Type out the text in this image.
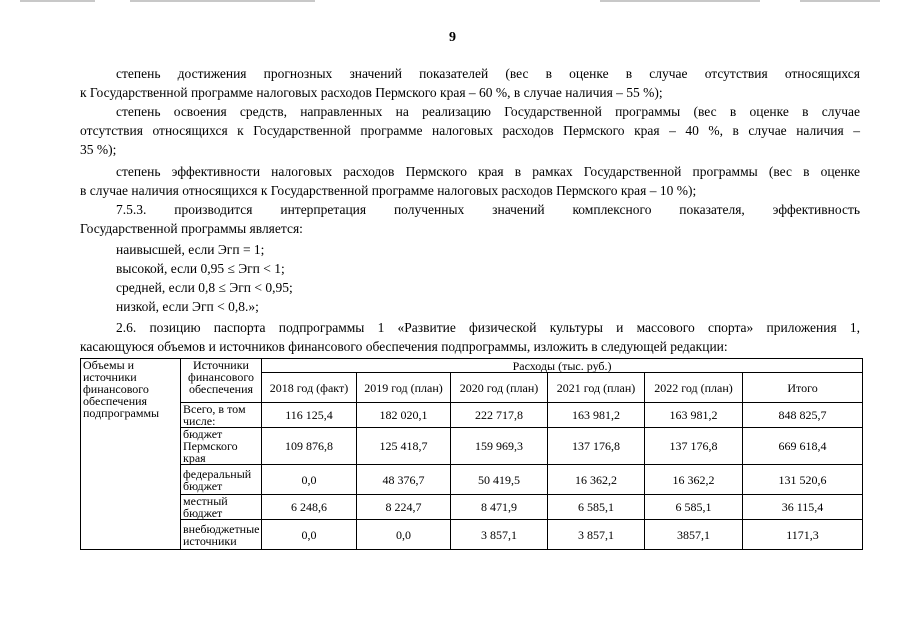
9
степень достижения прогнозных значений показателей (вес в оценке в случае отсутствия относящихся
к Государственной программе налоговых расходов Пермского края – 60 %, в случае наличия – 55 %);
степень освоения средств, направленных на реализацию Государственной программы (вес в оценке в случае
отсутствия относящихся к Государственной программе налоговых расходов Пермского края – 40 %, в случае наличия –
35 %);
степень эффективности налоговых расходов Пермского края в рамках Государственной программы (вес в оценке
в случае наличия относящихся к Государственной программе налоговых расходов Пермского края – 10 %);
7.5.3. производится интерпретация полученных значений комплексного показателя, эффективность
Государственной программы является:
наивысшей, если Эгп = 1;
высокой, если 0,95 ≤ Эгп < 1;
средней, если 0,8 ≤ Эгп < 0,95;
низкой, если Эгп < 0,8.»;
2.6. позицию паспорта подпрограммы 1 «Развитие физической культуры и массового спорта» приложения 1,
касающуюся объемов и источников финансового обеспечения подпрограммы, изложить в следующей редакции:
Объемы и источники финансового обеспечения подпрограммы	Источники финансового обеспечения	Расходы (тыс. руб.)					
		2018 год (факт)	2019 год (план)	2020 год (план)	2021 год (план)	2022 год (план)	Итого
	Всего, в том числе:	116 125,4	182 020,1	222 717,8	163 981,2	163 981,2	848 825,7
	бюджет Пермского края	109 876,8	125 418,7	159 969,3	137 176,8	137 176,8	669 618,4
	федеральный бюджет	0,0	48 376,7	50 419,5	16 362,2	16 362,2	131 520,6
	местный бюджет	6 248,6	8 224,7	8 471,9	6 585,1	6 585,1	36 115,4
	внебюджетные источники	0,0	0,0	3 857,1	3 857,1	3857,1	1171,3
